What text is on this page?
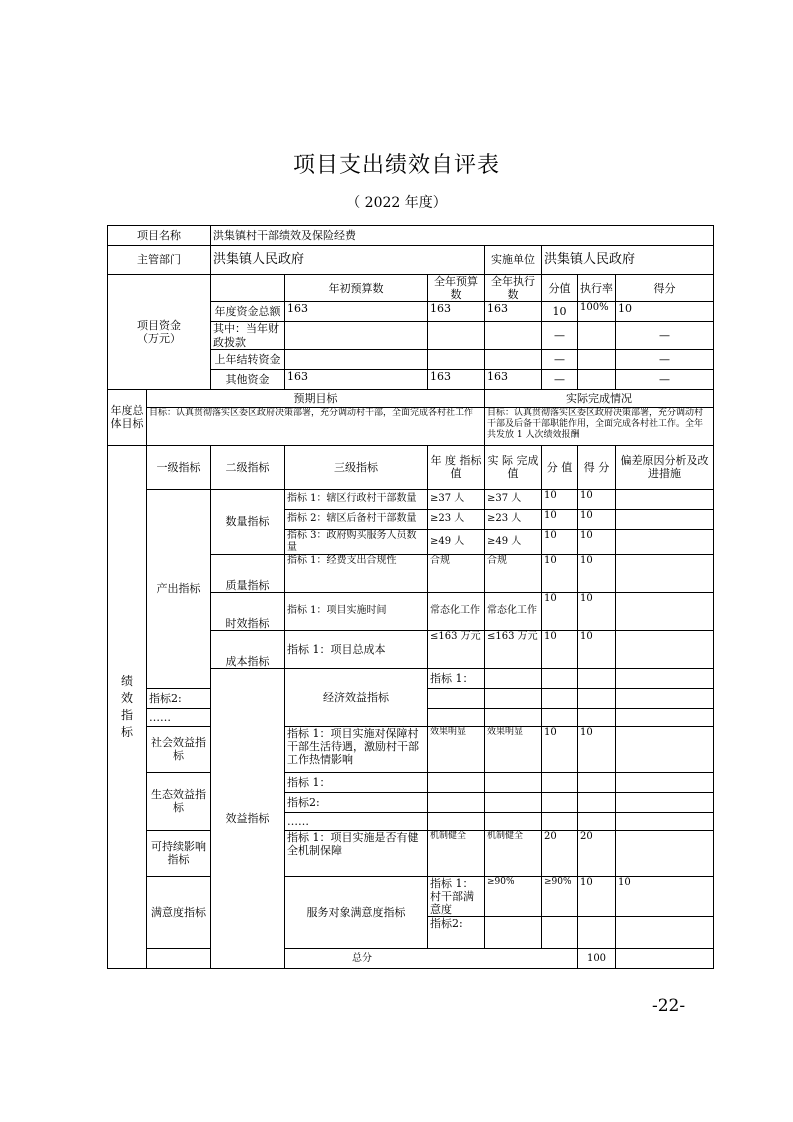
项目支出绩效自评表
（ 2022 年度）
项目名称		洪集镇村干部绩效及保险经费							
主管部门		洪集镇人民政府			实施单位	洪集镇人民政府			

项目资金
（万元）			年初预算数	全年预算数	全年执行数	分值	执行率	得分	
		年度资金总额	163	163	163	10	100%	10	
		其中：当年财政拨款				—		—	
		上年结转资金				—		—	
		其他资金	163	163	163	—		—	
年度总体目标	预期目标				实际完成情况				
	目标：认真贯彻落实区委区政府决策部署，充分调动村干部，全面完成各村社工作				目标：认真贯彻落实区委区政府决策部署，充分调动村干部及后备干部职能作用，全面完成各村社工作。全年共发放 1 人次绩效报酬				

绩效指标	一级指标	二级指标	三级指标	年 度 指标值	实 际 完成值	分 值	得 分	偏差原因分析及改进措施	
	产出指标	数量指标	指标 1：辖区行政村干部数量	≥37 人	≥37 人	10	10		
			指标 2：辖区后备村干部数量	≥23 人	≥23 人	10	10		
			指标 3：政府购买服务人员数量	≥49 人	≥49 人	10	10		
		质量指标	指标 1：经费支出合规性	合规	合规	10	10		
		时效指标	指标 1：项目实施时间	常态化工作	常态化工作	10	10		
		成本指标	指标 1：项目总成本	≤163 万元	≤163 万元	10	10		
		效益指标	经济效益指标	指标 1：					
	指标2:								
	……								
	社会效益指标		指标 1：项目实施对保障村干部生活待遇，激励村干部工作热情影响	效果明显	效果明显	10	10		
	生态效益指标		指标 1：						
			指标2:						
			……						
	可持续影响指标		指标 1：项目实施是否有健全机制保障	机制健全	机制健全	20	20		
	满意度指标		服务对象满意度指标	指标 1：村干部满意度	≥90%	≥90%	10	10	
				指标2:					
	总分						100		
-22-
